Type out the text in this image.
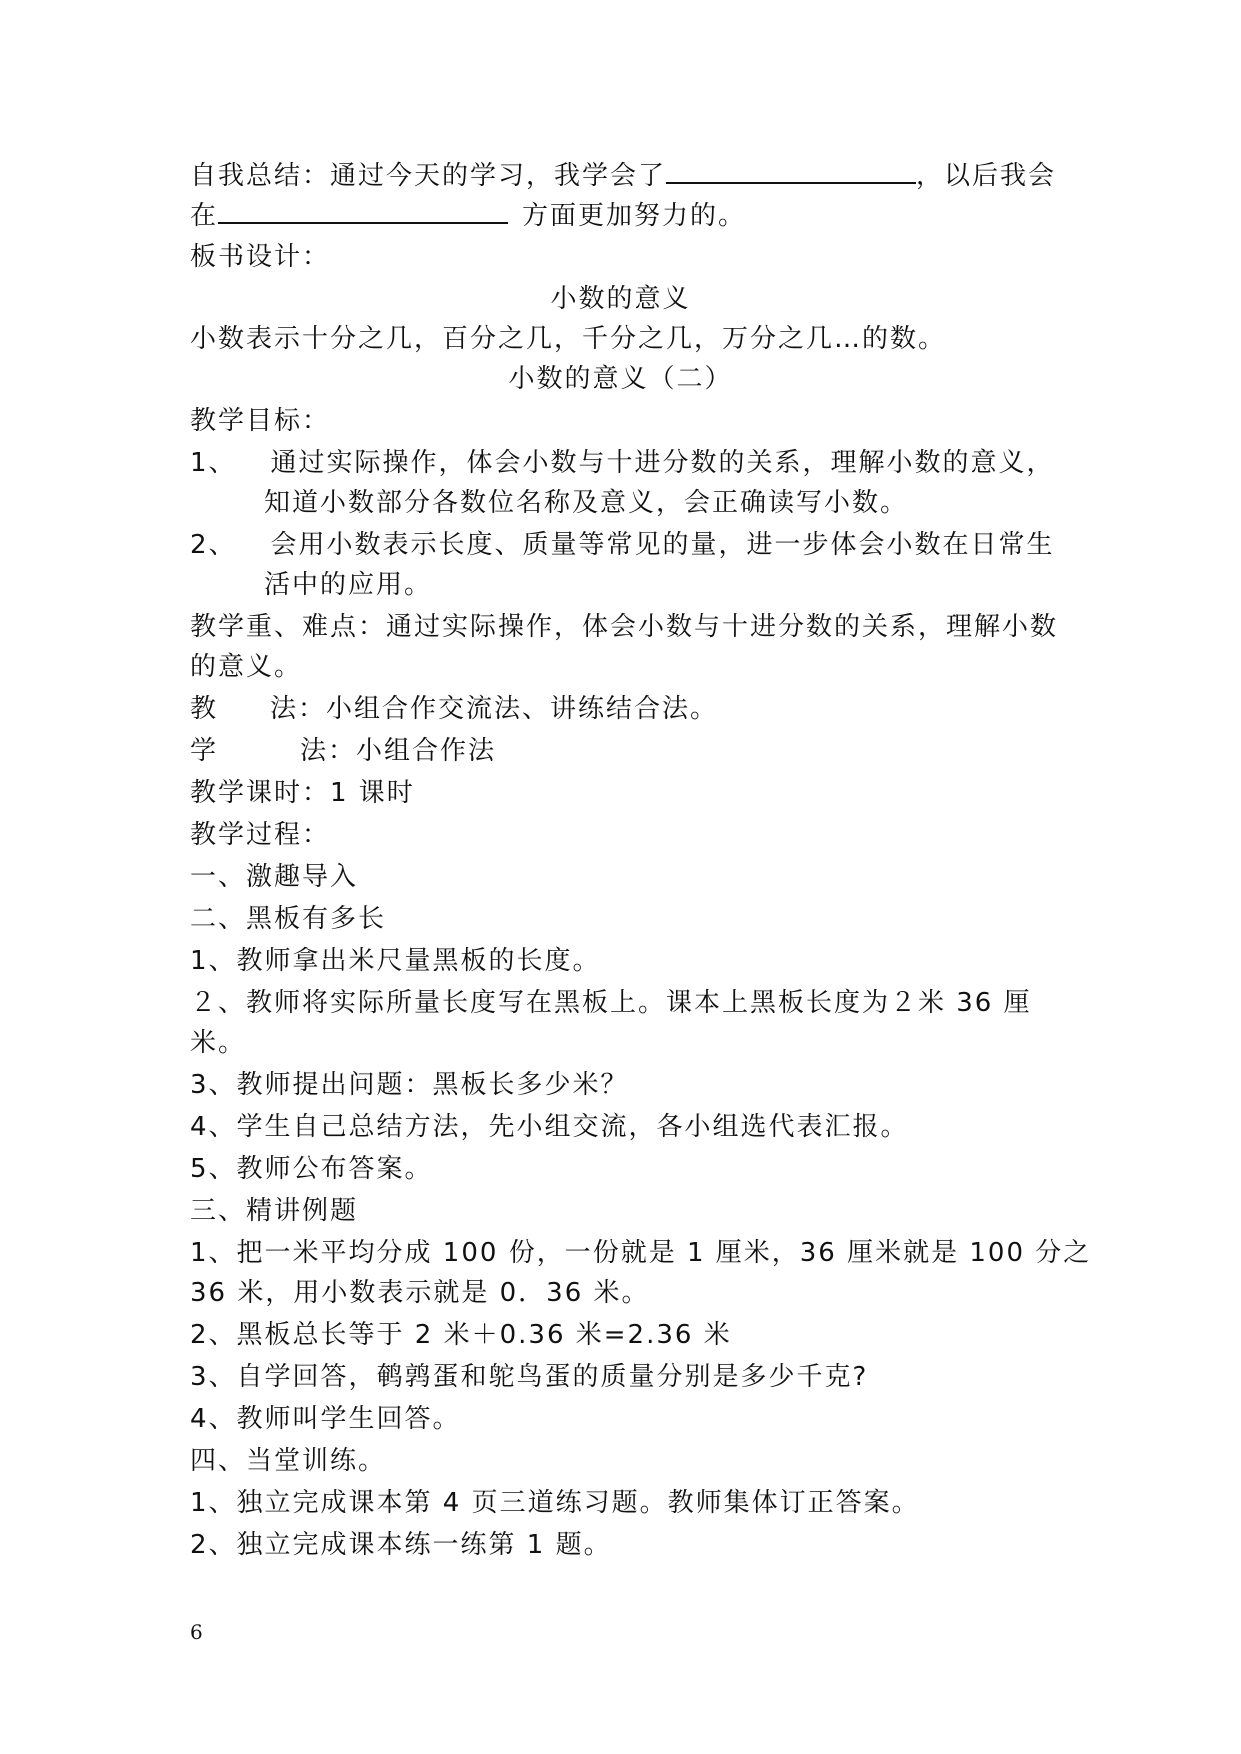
自我总结：通过今天的学习，我学会了	，以后我会
在	方面更加努力的。
板书设计：
小数的意义
小数表示十分之几，百分之几，千分之几，万分之几…的数。
小数的意义（二）
教学目标：
1、 通过实际操作，体会小数与十进分数的关系，理解小数的意义，
知道小数部分各数位名称及意义，会正确读写小数。
2、 会用小数表示长度、质量等常见的量，进一步体会小数在日常生
活中的应用。
教学重、难点：通过实际操作，体会小数与十进分数的关系，理解小数
的意义。
教 法：小组合作交流法、讲练结合法。
学	法：小组合作法
教学课时：1 课时
教学过程：
一、激趣导入
二、黑板有多长
1、教师拿出米尺量黑板的长度。
２、教师将实际所量长度写在黑板上。课本上黑板长度为２米 36 厘
米。
3、教师提出问题：黑板长多少米？
4、学生自己总结方法，先小组交流，各小组选代表汇报。
5、教师公布答案。
三、精讲例题
1、把一米平均分成 100 份，一份就是 1 厘米，36 厘米就是 100 分之
36 米，用小数表示就是 0．36 米。
2、黑板总长等于 2 米＋0.36 米=2.36 米
3、自学回答，鹌鹑蛋和鸵鸟蛋的质量分别是多少千克?
4、教师叫学生回答。
四、当堂训练。
1、独立完成课本第 4 页三道练习题。教师集体订正答案。
2、独立完成课本练一练第 1 题。
6
